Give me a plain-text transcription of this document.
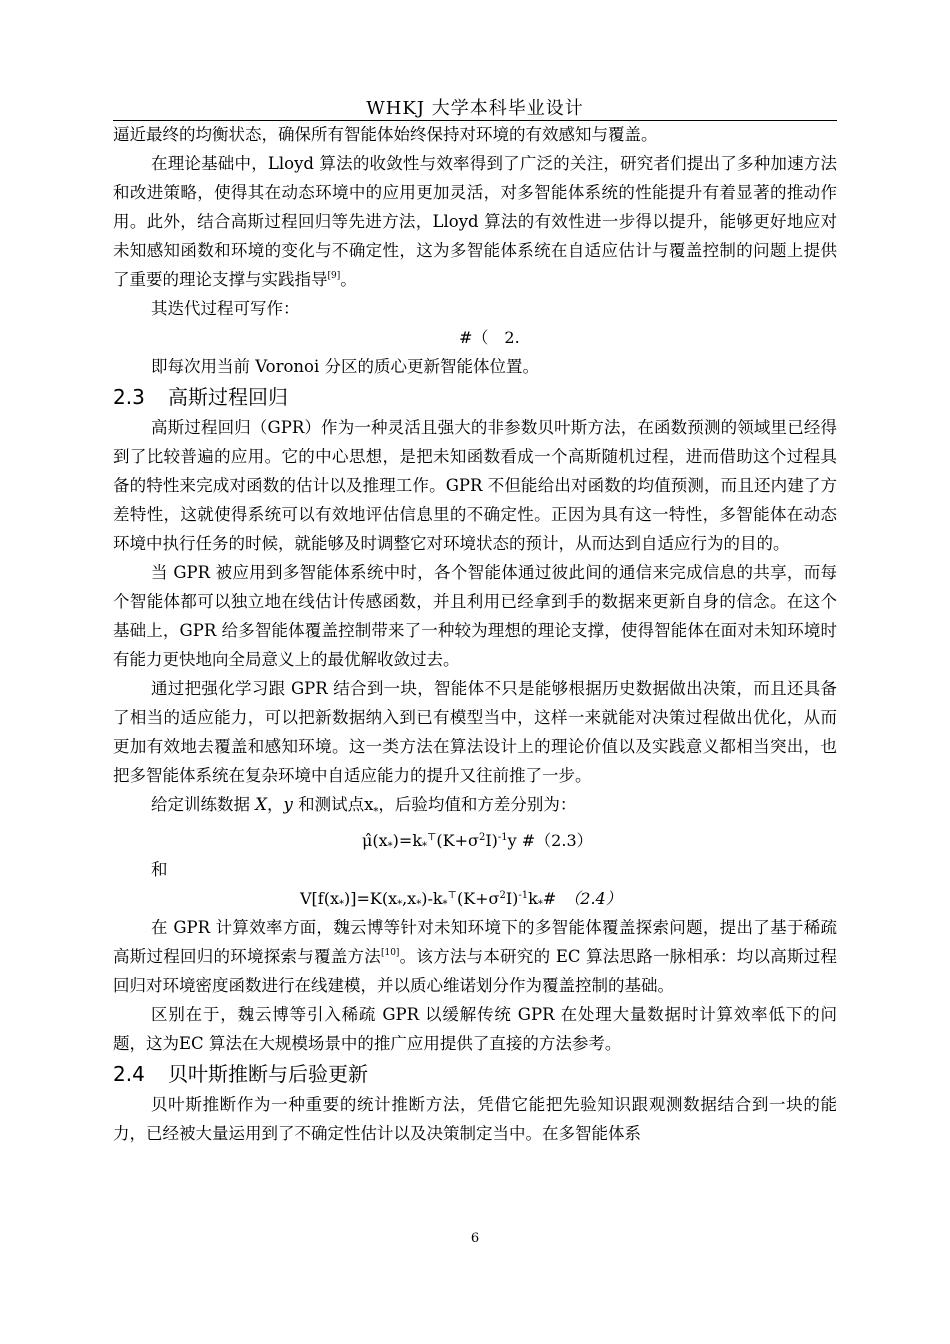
WHKJ 大学本科毕业设计

逼近最终的均衡状态，确保所有智能体始终保持对环境的有效感知与覆盖。

在理论基础中，Lloyd 算法的收敛性与效率得到了广泛的关注，研究者们提出了多种加速方法和改进策略，使得其在动态环境中的应用更加灵活，对多智能体系统的性能提升有着显著的推动作用。此外，结合高斯过程回归等先进方法，Lloyd 算法的有效性进一步得以提升，能够更好地应对未知感知函数和环境的变化与不确定性，这为多智能体系统在自适应估计与覆盖控制的问题上提供了重要的理论支撑与实践指导[9]。

其迭代过程可写作：

#（　2.

即每次用当前 Voronoi 分区的质心更新智能体位置。

2.3 高斯过程回归

高斯过程回归（GPR）作为一种灵活且强大的非参数贝叶斯方法，在函数预测的领域里已经得到了比较普遍的应用。它的中心思想，是把未知函数看成一个高斯随机过程，进而借助这个过程具备的特性来完成对函数的估计以及推理工作。GPR 不但能给出对函数的均值预测，而且还内建了方差特性，这就使得系统可以有效地评估信息里的不确定性。正因为具有这一特性，多智能体在动态环境中执行任务的时候，就能够及时调整它对环境状态的预计，从而达到自适应行为的目的。

当 GPR 被应用到多智能体系统中时，各个智能体通过彼此间的通信来完成信息的共享，而每个智能体都可以独立地在线估计传感函数，并且利用已经拿到手的数据来更新自身的信念。在这个基础上，GPR 给多智能体覆盖控制带来了一种较为理想的理论支撑，使得智能体在面对未知环境时有能力更快地向全局意义上的最优解收敛过去。

通过把强化学习跟 GPR 结合到一块，智能体不只是能够根据历史数据做出决策，而且还具备了相当的适应能力，可以把新数据纳入到已有模型当中，这样一来就能对决策过程做出优化，从而更加有效地去覆盖和感知环境。这一类方法在算法设计上的理论价值以及实践意义都相当突出，也把多智能体系统在复杂环境中自适应能力的提升又往前推了一步。

给定训练数据 X，y 和测试点$x_*$，后验均值和方差分别为：

$\mû(x_*)=k_*^⊤(K+\sigma^2I)^{-1}y$ #（2.3）

和

$V[f(x_*)]=K(x_*,x_*)-k_*^⊤(K+\sigma^2I)^{-1}k_*\#$ （2.4）

在 GPR 计算效率方面，魏云博等针对未知环境下的多智能体覆盖探索问题，提出了基于稀疏高斯过程回归的环境探索与覆盖方法[10]。该方法与本研究的 EC 算法思路一脉相承：均以高斯过程回归对环境密度函数进行在线建模，并以质心维诺划分作为覆盖控制的基础。

区别在于，魏云博等引入稀疏 GPR 以缓解传统 GPR 在处理大量数据时计算效率低下的问题，这为EC 算法在大规模场景中的推广应用提供了直接的方法参考。

2.4 贝叶斯推断与后验更新

贝叶斯推断作为一种重要的统计推断方法，凭借它能把先验知识跟观测数据结合到一块的能力，已经被大量运用到了不确定性估计以及决策制定当中。在多智能体系

6
